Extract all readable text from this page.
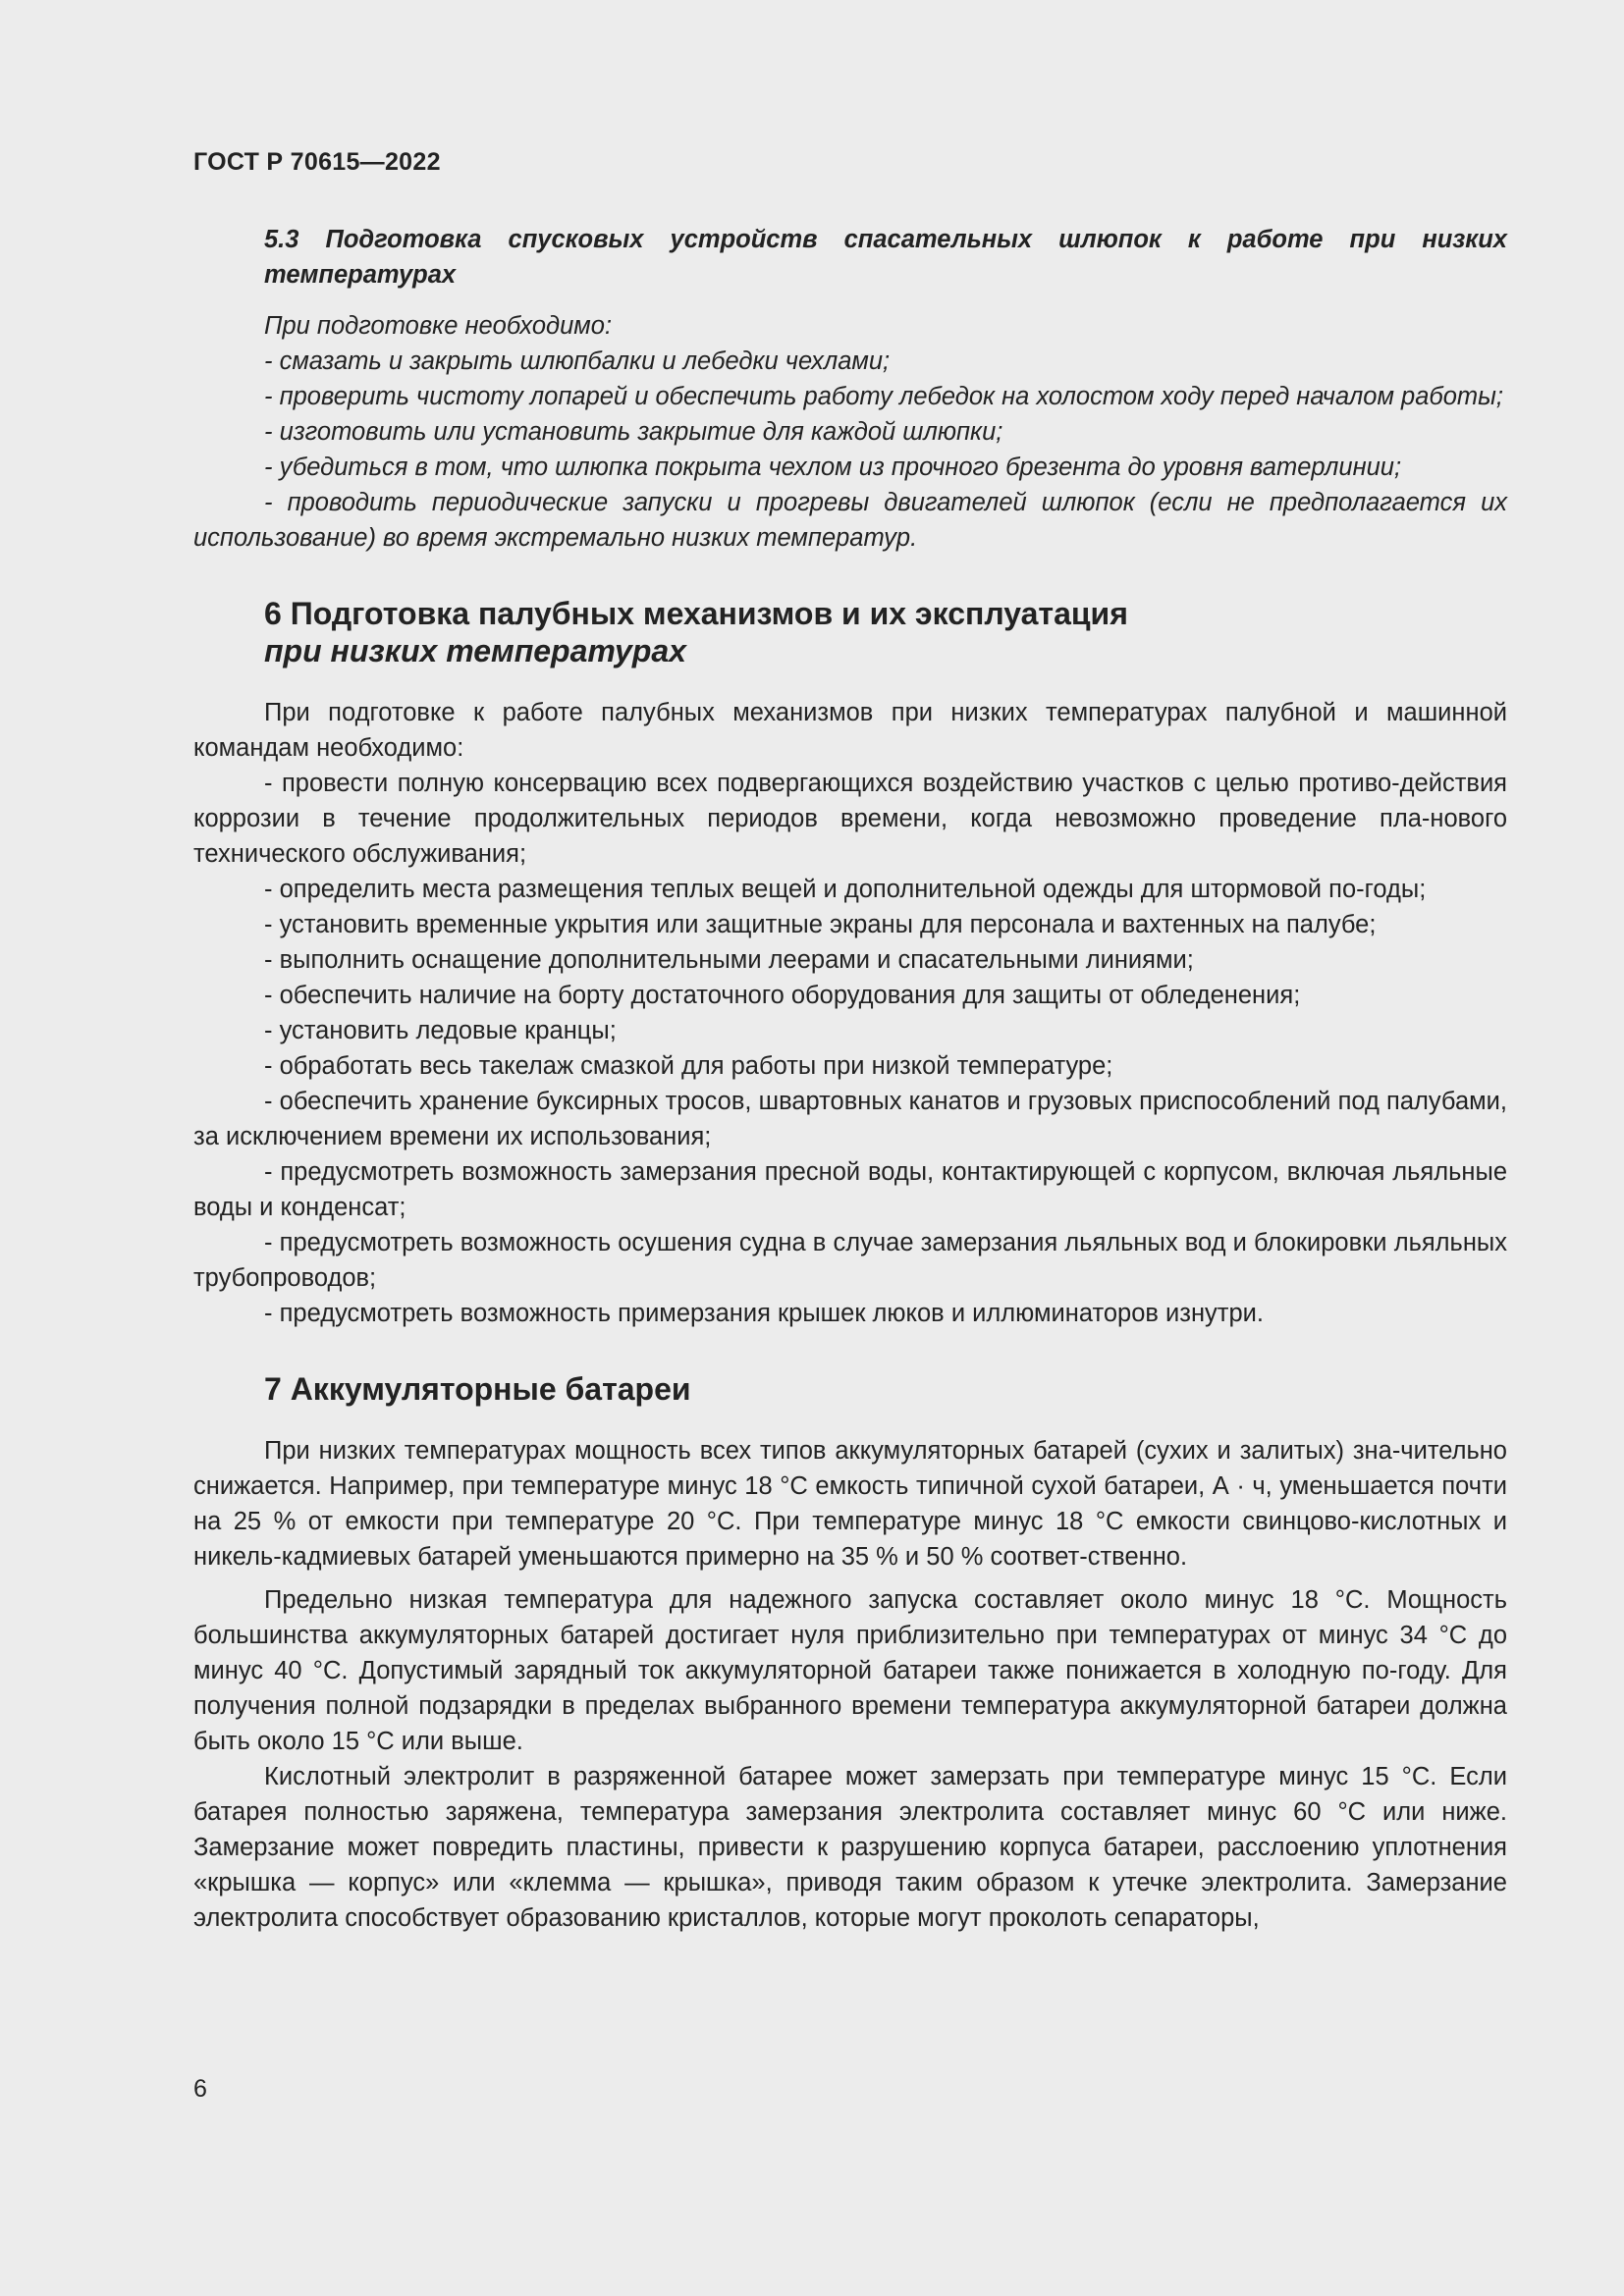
ГОСТ Р 70615—2022
5.3 Подготовка спусковых устройств спасательных шлюпок к работе при низких температурах

При подготовке необходимо:

- смазать и закрыть шлюпбалки и лебедки чехлами;

- проверить чистоту лопарей и обеспечить работу лебедок на холостом ходу перед началом работы;

- изготовить или установить закрытие для каждой шлюпки;

- убедиться в том, что шлюпка покрыта чехлом из прочного брезента до уровня ватерлинии;

- проводить периодические запуски и прогревы двигателей шлюпок (если не предполагается их использование) во время экстремально низких температур.

6 Подготовка палубных механизмов и их эксплуатация
при низких температурах

При подготовке к работе палубных механизмов при низких температурах палубной и машинной командам необходимо:

- провести полную консервацию всех подвергающихся воздействию участков с целью противо-действия коррозии в течение продолжительных периодов времени, когда невозможно проведение пла-нового технического обслуживания;

- определить места размещения теплых вещей и дополнительной одежды для штормовой по-годы;

- установить временные укрытия или защитные экраны для персонала и вахтенных на палубе;

- выполнить оснащение дополнительными леерами и спасательными линиями;

- обеспечить наличие на борту достаточного оборудования для защиты от обледенения;

- установить ледовые кранцы;

- обработать весь такелаж смазкой для работы при низкой температуре;

- обеспечить хранение буксирных тросов, швартовных канатов и грузовых приспособлений под палубами, за исключением времени их использования;

- предусмотреть возможность замерзания пресной воды, контактирующей с корпусом, включая льяльные воды и конденсат;

- предусмотреть возможность осушения судна в случае замерзания льяльных вод и блокировки льяльных трубопроводов;

- предусмотреть возможность примерзания крышек люков и иллюминаторов изнутри.

7 Аккумуляторные батареи

При низких температурах мощность всех типов аккумуляторных батарей (сухих и залитых) зна-чительно снижается. Например, при температуре минус 18 °С емкость типичной сухой батареи, А · ч, уменьшается почти на 25 % от емкости при температуре 20 °С. При температуре минус 18 °С емкости свинцово-кислотных и никель-кадмиевых батарей уменьшаются примерно на 35 % и 50 % соответ-ственно.

Предельно низкая температура для надежного запуска составляет около минус 18 °С. Мощность большинства аккумуляторных батарей достигает нуля приблизительно при температурах от минус 34 °С до минус 40 °С. Допустимый зарядный ток аккумуляторной батареи также понижается в холодную по-году. Для получения полной подзарядки в пределах выбранного времени температура аккумуляторной батареи должна быть около 15 °С или выше.

Кислотный электролит в разряженной батарее может замерзать при температуре минус 15 °С. Если батарея полностью заряжена, температура замерзания электролита составляет минус 60 °С или ниже. Замерзание может повредить пластины, привести к разрушению корпуса батареи, расслоению уплотнения «крышка — корпус» или «клемма — крышка», приводя таким образом к утечке электролита. Замерзание электролита способствует образованию кристаллов, которые могут проколоть сепараторы,

6
